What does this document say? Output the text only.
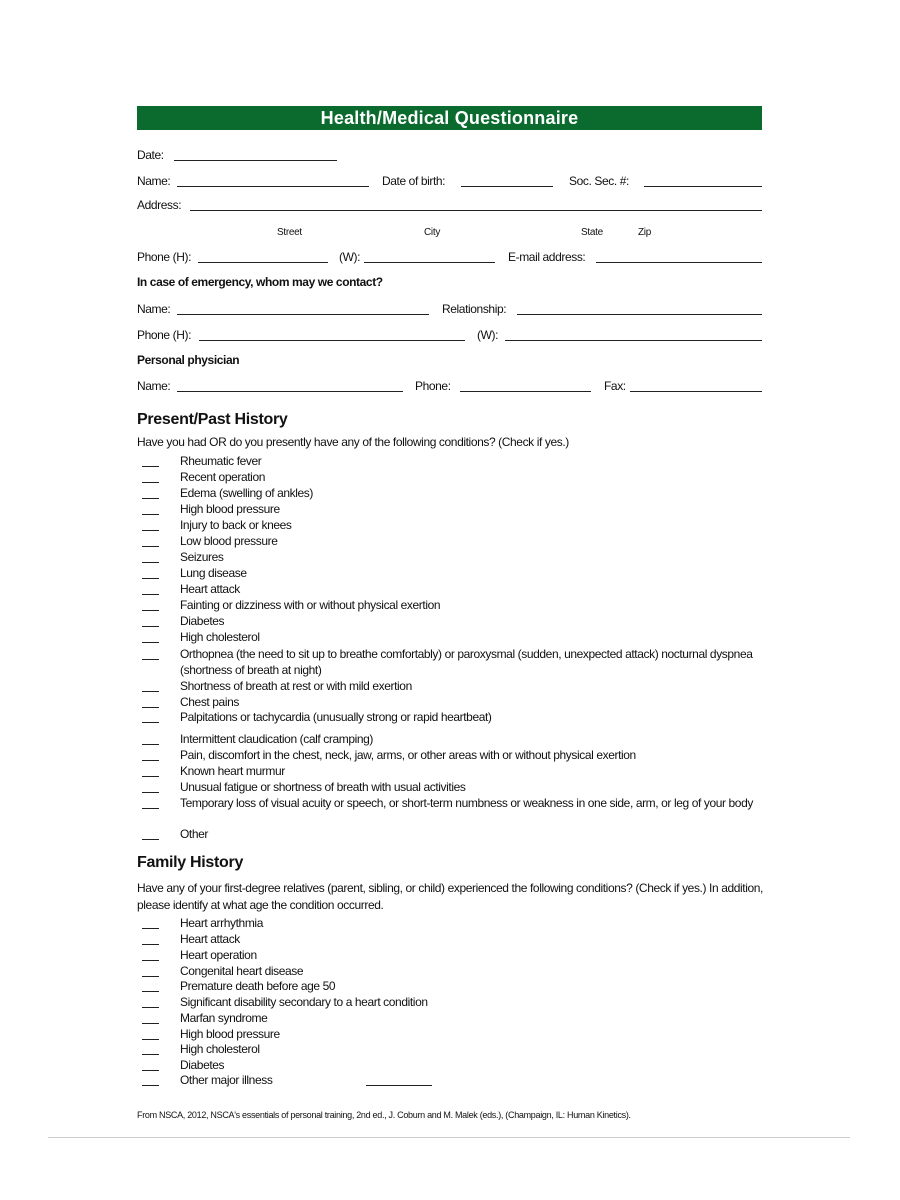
Health/Medical Questionnaire
Date:
Name:	Date of birth:	Soc. Sec. #:
Address:
Street	City	State	Zip
Phone (H):	(W):	E-mail address:
In case of emergency, whom may we contact?
Name:	Relationship:
Phone (H):	(W):
Personal physician
Name:	Phone:	Fax:
Present/Past History
Have you had OR do you presently have any of the following conditions? (Check if yes.)
Rheumatic fever
Recent operation
Edema (swelling of ankles)
High blood pressure
Injury to back or knees
Low blood pressure
Seizures
Lung disease
Heart attack
Fainting or dizziness with or without physical exertion
Diabetes
High cholesterol
Orthopnea (the need to sit up to breathe comfortably) or paroxysmal (sudden, unexpected attack) nocturnal dyspnea (shortness of breath at night)
Shortness of breath at rest or with mild exertion
Chest pains
Palpitations or tachycardia (unusually strong or rapid heartbeat)
Intermittent claudication (calf cramping)
Pain, discomfort in the chest, neck, jaw, arms, or other areas with or without physical exertion
Known heart murmur
Unusual fatigue or shortness of breath with usual activities
Temporary loss of visual acuity or speech, or short-term numbness or weakness in one side, arm, or leg of your body
Other
Family History
Have any of your first-degree relatives (parent, sibling, or child) experienced the following conditions? (Check if yes.) In addition, please identify at what age the condition occurred.
Heart arrhythmia
Heart attack
Heart operation
Congenital heart disease
Premature death before age 50
Significant disability secondary to a heart condition
Marfan syndrome
High blood pressure
High cholesterol
Diabetes
Other major illness
From NSCA, 2012, NSCA's essentials of personal training, 2nd ed., J. Coburn and M. Malek (eds.), (Champaign, IL: Human Kinetics).
